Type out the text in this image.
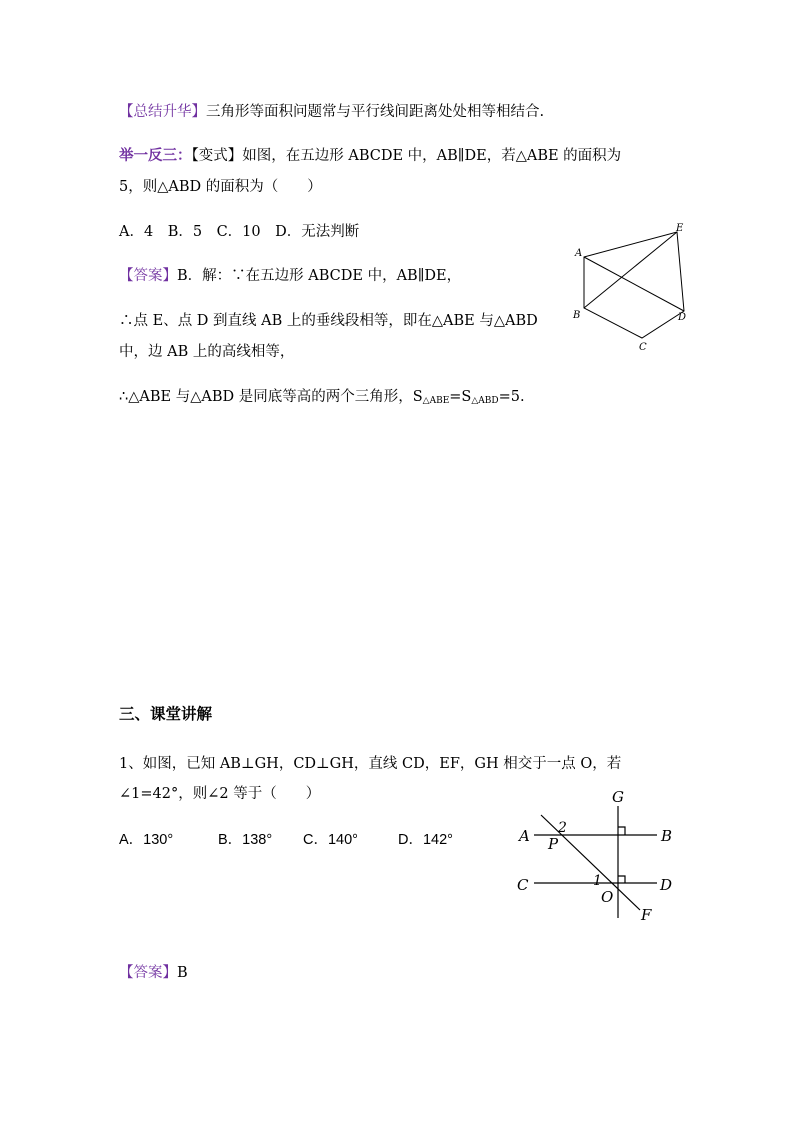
【总结升华】三角形等面积问题常与平行线间距离处处相等相结合.
举一反三：【变式】如图，在五边形 ABCDE 中，AB∥DE，若△ABE 的面积为
5，则△ABD 的面积为（　　）
A．4　B．5　C．10　D．无法判断
【答案】B．解：∵在五边形 ABCDE 中，AB∥DE，
∴点 E、点 D 到直线 AB 上的垂线段相等，即在△ABE 与△ABD
中，边 AB 上的高线相等，
∴△ABE 与△ABD 是同底等高的两个三角形，$S_{\triangle ABE}=S_{\triangle ABD}=5$.
A
E
B	D
C
三、课堂讲解
1、如图，已知 AB⊥GH，CD⊥GH，直线 CD，EF，GH 相交于一点 O，若
∠1=42°，则∠2 等于（　　）
A．130°	B．138° C．140°	D．142°
G
A 2	B
P
C	1	D
O
F
【答案】B
